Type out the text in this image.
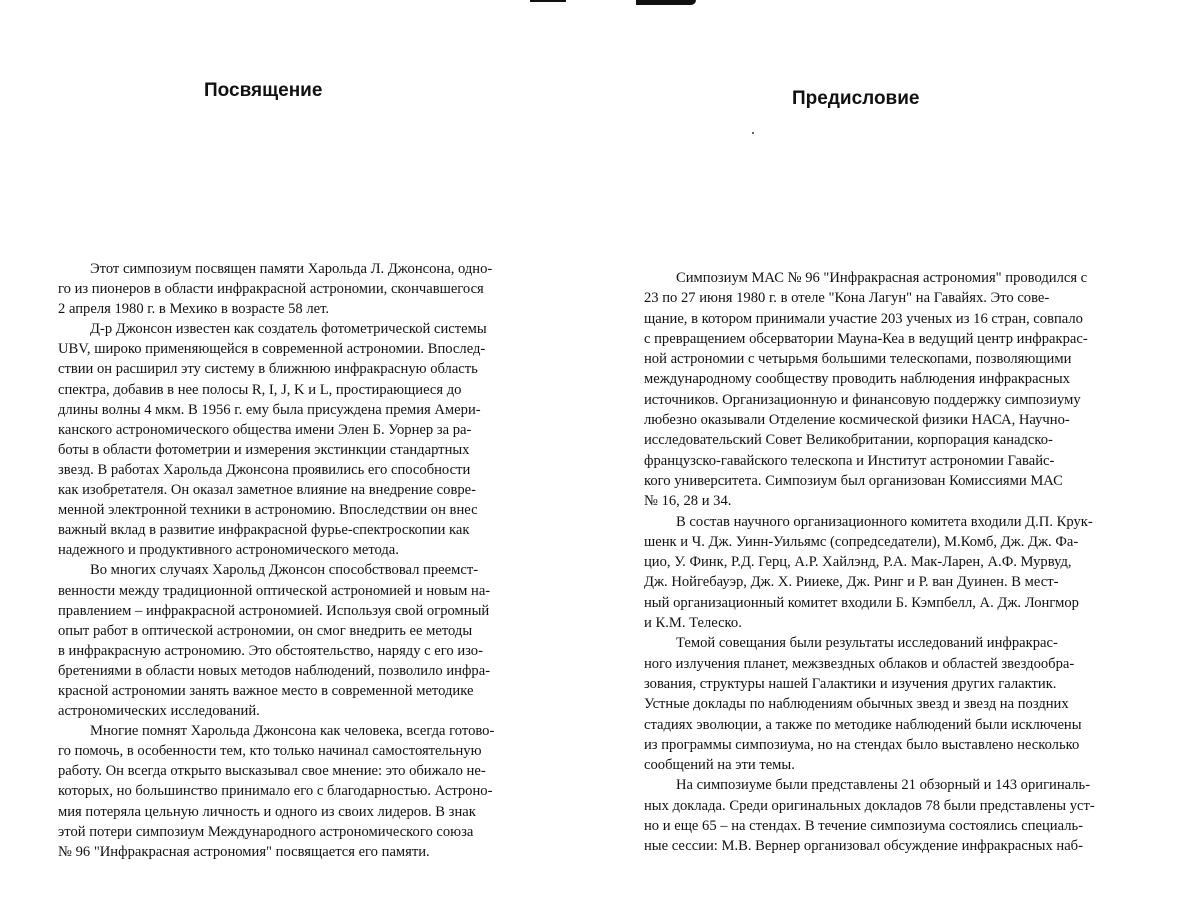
Посвящение
Этот симпозиум посвящен памяти Харольда Л. Джонсона, одно-
го из пионеров в области инфракрасной астрономии, скончавшегося
2 апреля 1980 г. в Мехико в возрасте 58 лет.
Д-р Джонсон известен как создатель фотометрической системы
UBV, широко применяющейся в современной астрономии. Впослед-
ствии он расширил эту систему в ближнюю инфракрасную область
спектра, добавив в нее полосы R, I, J, K и L, простирающиеся до
длины волны 4 мкм. В 1956 г. ему была присуждена премия Амери-
канского астрономического общества имени Элен Б. Уорнер за ра-
боты в области фотометрии и измерения экстинкции стандартных
звезд. В работах Харольда Джонсона проявились его способности
как изобретателя. Он оказал заметное влияние на внедрение совре-
менной электронной техники в астрономию. Впоследствии он внес
важный вклад в развитие инфракрасной фурье-спектроскопии как
надежного и продуктивного астрономического метода.
Во многих случаях Харольд Джонсон способствовал преемст-
венности между традиционной оптической астрономией и новым на-
правлением – инфракрасной астрономией. Используя свой огромный
опыт работ в оптической астрономии, он смог внедрить ее методы
в инфракрасную астрономию. Это обстоятельство, наряду с его изо-
бретениями в области новых методов наблюдений, позволило инфра-
красной астрономии занять важное место в современной методике
астрономических исследований.
Многие помнят Харольда Джонсона как человека, всегда готово-
го помочь, в особенности тем, кто только начинал самостоятельную
работу. Он всегда открыто высказывал свое мнение: это обижало не-
которых, но большинство принимало его с благодарностью. Астроно-
мия потеряла цельную личность и одного из своих лидеров. В знак
этой потери симпозиум Международного астрономического союза
№ 96 "Инфракрасная астрономия" посвящается его памяти.
Предисловие
Симпозиум МАС № 96 "Инфракрасная астрономия" проводился с
23 по 27 июня 1980 г. в отеле "Кона Лагун" на Гавайях. Это сове-
щание, в котором принимали участие 203 ученых из 16 стран, совпало
с превращением обсерватории Мауна-Кеа в ведущий центр инфракрас-
ной астрономии с четырьмя большими телескопами, позволяющими
международному сообществу проводить наблюдения инфракрасных
источников. Организационную и финансовую поддержку симпозиуму
любезно оказывали Отделение космической физики НАСА, Научно-
исследовательский Совет Великобритании, корпорация канадско-
французско-гавайского телескопа и Институт астрономии Гавайс-
кого университета. Симпозиум был организован Комиссиями МАС
№ 16, 28 и 34.
В состав научного организационного комитета входили Д.П. Крук-
шенк и Ч. Дж. Уинн-Уильямс (сопредседатели), М.Комб, Дж. Дж. Фа-
цио, У. Финк, Р.Д. Герц, А.Р. Хайлэнд, Р.А. Мак-Ларен, А.Ф. Мурвуд,
Дж. Нойгебауэр, Дж. Х. Рииеке, Дж. Ринг и Р. ван Дуинен. В мест-
ный организационный комитет входили Б. Кэмпбелл, А. Дж. Лонгмор
и К.М. Телеско.
Темой совещания были результаты исследований инфракрас-
ного излучения планет, межзвездных облаков и областей звездообра-
зования, структуры нашей Галактики и изучения других галактик.
Устные доклады по наблюдениям обычных звезд и звезд на поздних
стадиях эволюции, а также по методике наблюдений были исключены
из программы симпозиума, но на стендах было выставлено несколько
сообщений на эти темы.
На симпозиуме были представлены 21 обзорный и 143 оригиналь-
ных доклада. Среди оригинальных докладов 78 были представлены уст-
но и еще 65 – на стендах. В течение симпозиума состоялись специаль-
ные сессии: М.В. Вернер организовал обсуждение инфракрасных наб-
